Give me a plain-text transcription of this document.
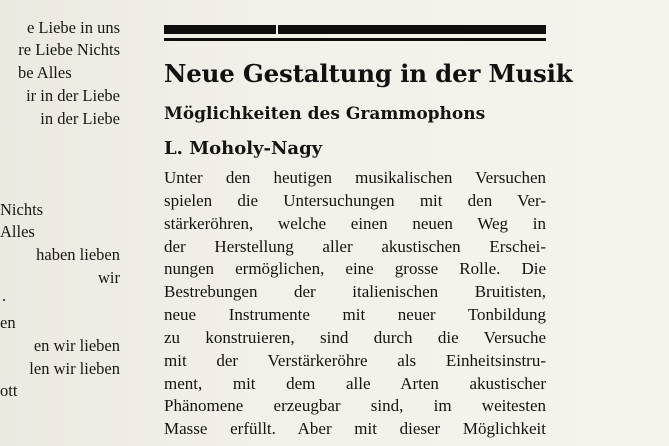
e Liebe in uns
re Liebe Nichts
be Alles
ir in der Liebe
in der Liebe
Nichts
Alles
haben lieben
wir
.
en
en wir lieben
len wir lieben
ott
Neue Gestaltung in der Musik
Möglichkeiten des Grammophons
L. Moholy-Nagy
Unter den heutigen musikalischen Versuchen
spielen die Untersuchungen mit den Ver-
stärkeröhren, welche einen neuen Weg in
der Herstellung aller akustischen Erschei-
nungen ermöglichen, eine grosse Rolle. Die
Bestrebungen der italienischen Bruitisten,
neue Instrumente mit neuer Tonbildung
zu konstruieren, sind durch die Versuche
mit der Verstärkeröhre als Einheitsinstru-
ment, mit dem alle Arten akustischer
Phänomene erzeugbar sind, im weitesten
Masse erfüllt. Aber mit dieser Möglichkeit
